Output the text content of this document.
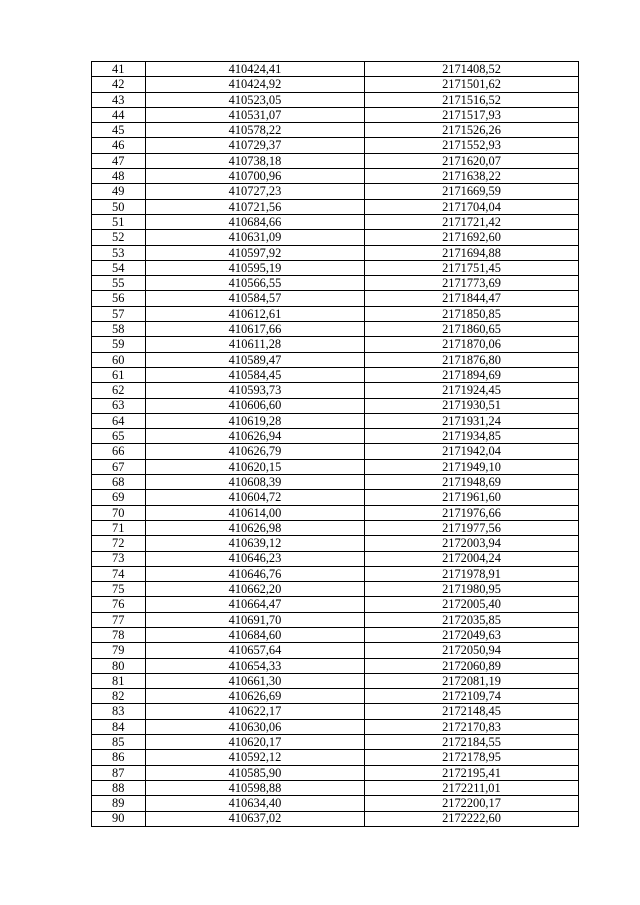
41	410424,41	2171408,52
42	410424,92	2171501,62
43	410523,05	2171516,52
44	410531,07	2171517,93
45	410578,22	2171526,26
46	410729,37	2171552,93
47	410738,18	2171620,07
48	410700,96	2171638,22
49	410727,23	2171669,59
50	410721,56	2171704,04
51	410684,66	2171721,42
52	410631,09	2171692,60
53	410597,92	2171694,88
54	410595,19	2171751,45
55	410566,55	2171773,69
56	410584,57	2171844,47
57	410612,61	2171850,85
58	410617,66	2171860,65
59	410611,28	2171870,06
60	410589,47	2171876,80
61	410584,45	2171894,69
62	410593,73	2171924,45
63	410606,60	2171930,51
64	410619,28	2171931,24
65	410626,94	2171934,85
66	410626,79	2171942,04
67	410620,15	2171949,10
68	410608,39	2171948,69
69	410604,72	2171961,60
70	410614,00	2171976,66
71	410626,98	2171977,56
72	410639,12	2172003,94
73	410646,23	2172004,24
74	410646,76	2171978,91
75	410662,20	2171980,95
76	410664,47	2172005,40
77	410691,70	2172035,85
78	410684,60	2172049,63
79	410657,64	2172050,94
80	410654,33	2172060,89
81	410661,30	2172081,19
82	410626,69	2172109,74
83	410622,17	2172148,45
84	410630,06	2172170,83
85	410620,17	2172184,55
86	410592,12	2172178,95
87	410585,90	2172195,41
88	410598,88	2172211,01
89	410634,40	2172200,17
90	410637,02	2172222,60
